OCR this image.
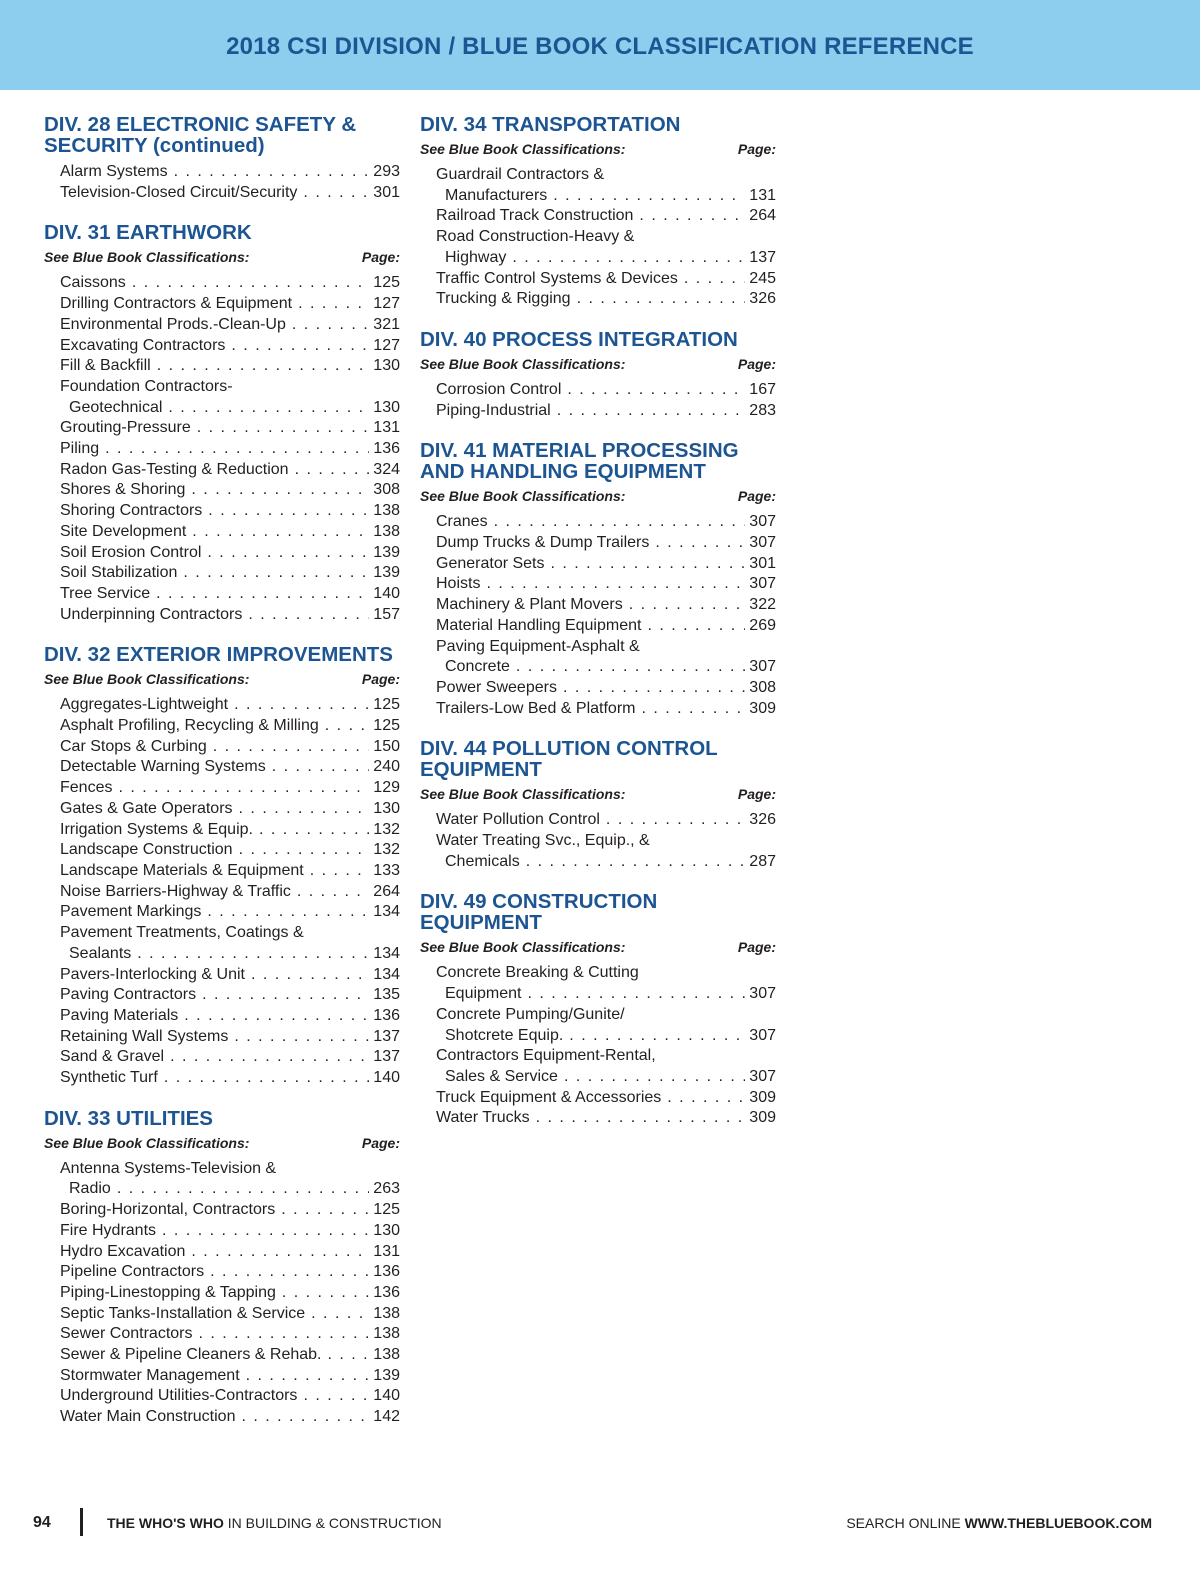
2018 CSI DIVISION / BLUE BOOK CLASSIFICATION REFERENCE
DIV. 28 ELECTRONIC SAFETY & SECURITY (continued)
Alarm Systems . . .	293
Television-Closed Circuit/Security . . .	301
DIV. 31 EARTHWORK
See Blue Book Classifications:	Page:
Caissons . . .	125
Drilling Contractors & Equipment . . .	127
Environmental Prods.-Clean-Up . . .	321
Excavating Contractors . . .	127
Fill & Backfill . . .	130
Foundation Contractors-
Geotechnical . . .	130
Grouting-Pressure . . .	131
Piling . . .	136
Radon Gas-Testing & Reduction . . .	324
Shores & Shoring . . .	308
Shoring Contractors . . .	138
Site Development . . .	138
Soil Erosion Control . . .	139
Soil Stabilization . . .	139
Tree Service . . .	140
Underpinning Contractors . . .	157
DIV. 32 EXTERIOR IMPROVEMENTS
See Blue Book Classifications:	Page:
Aggregates-Lightweight . . .	125
Asphalt Profiling, Recycling & Milling . . .	125
Car Stops & Curbing . . .	150
Detectable Warning Systems . . .	240
Fences . . .	129
Gates & Gate Operators . . .	130
Irrigation Systems & Equip. . . .	132
Landscape Construction . . .	132
Landscape Materials & Equipment . . .	133
Noise Barriers-Highway & Traffic . . .	264
Pavement Markings . . .	134
Pavement Treatments, Coatings &
Sealants . . .	134
Pavers-Interlocking & Unit . . .	134
Paving Contractors . . .	135
Paving Materials . . .	136
Retaining Wall Systems . . .	137
Sand & Gravel . . .	137
Synthetic Turf . . .	140
DIV. 33 UTILITIES
See Blue Book Classifications:	Page:
Antenna Systems-Television &
Radio . . .	263
Boring-Horizontal, Contractors . . .	125
Fire Hydrants . . .	130
Hydro Excavation . . .	131
Pipeline Contractors . . .	136
Piping-Linestopping & Tapping . . .	136
Septic Tanks-Installation & Service . . .	138
Sewer Contractors . . .	138
Sewer & Pipeline Cleaners & Rehab. . . .	138
Stormwater Management . . .	139
Underground Utilities-Contractors . . .	140
Water Main Construction . . .	142
DIV. 34 TRANSPORTATION
See Blue Book Classifications:	Page:
Guardrail Contractors &
Manufacturers . . .	131
Railroad Track Construction . . .	264
Road Construction-Heavy &
Highway . . .	137
Traffic Control Systems & Devices . . .	245
Trucking & Rigging . . .	326
DIV. 40 PROCESS INTEGRATION
See Blue Book Classifications:	Page:
Corrosion Control . . .	167
Piping-Industrial . . .	283
DIV. 41 MATERIAL PROCESSING AND HANDLING EQUIPMENT
See Blue Book Classifications:	Page:
Cranes . . .	307
Dump Trucks & Dump Trailers . . .	307
Generator Sets . . .	301
Hoists . . .	307
Machinery & Plant Movers . . .	322
Material Handling Equipment . . .	269
Paving Equipment-Asphalt &
Concrete . . .	307
Power Sweepers . . .	308
Trailers-Low Bed & Platform . . .	309
DIV. 44 POLLUTION CONTROL EQUIPMENT
See Blue Book Classifications:	Page:
Water Pollution Control . . .	326
Water Treating Svc., Equip., &
Chemicals . . .	287
DIV. 49 CONSTRUCTION EQUIPMENT
See Blue Book Classifications:	Page:
Concrete Breaking & Cutting
Equipment . . .	307
Concrete Pumping/Gunite/
Shotcrete Equip. . . .	307
Contractors Equipment-Rental,
Sales & Service . . .	307
Truck Equipment & Accessories . . .	309
Water Trucks . . .	309
94	THE WHO'S WHO IN BUILDING & CONSTRUCTION	SEARCH ONLINE WWW.THEBLUEBOOK.COM
